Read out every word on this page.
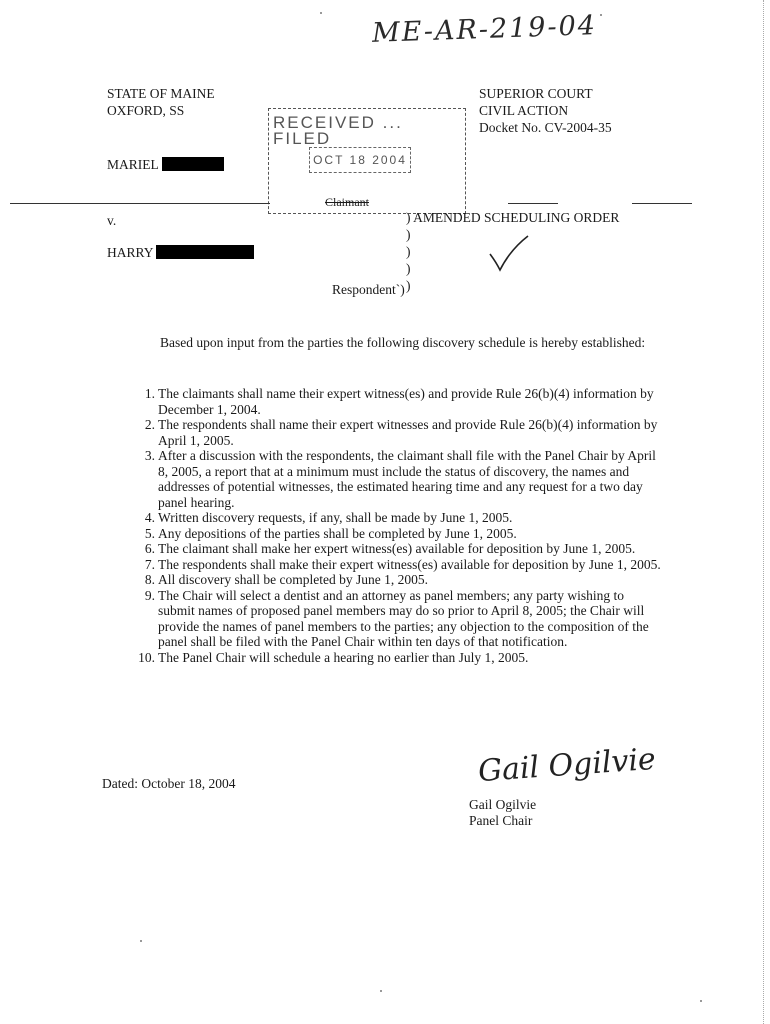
ME-AR-219-04
STATE OF MAINE
OXFORD, SS
SUPERIOR COURT
CIVIL ACTION
Docket No. CV-2004-35
RECEIVED ... FILED
OCT 18 2004
MARIEL
Claimant
v.	) AMENDED SCHEDULING ORDER
)
)
)
)
HARRY
Respondent`)
Based upon input from the parties the following discovery schedule is hereby established:
1. The claimants shall name their expert witness(es) and provide Rule 26(b)(4) information by December 1, 2004.
2. The respondents shall name their expert witnesses and provide Rule 26(b)(4) information by April 1, 2005.
3. After a discussion with the respondents, the claimant shall file with the Panel Chair by April 8, 2005, a report that at a minimum must include the status of discovery, the names and addresses of potential witnesses, the estimated hearing time and any request for a two day panel hearing.
4. Written discovery requests, if any, shall be made by June 1, 2005.
5. Any depositions of the parties shall be completed by June 1, 2005.
6. The claimant shall make her expert witness(es) available for deposition by June 1, 2005.
7. The respondents shall make their expert witness(es) available for deposition by June 1, 2005.
8. All discovery shall be completed by June 1, 2005.
9. The Chair will select a dentist and an attorney as panel members; any party wishing to submit names of proposed panel members may do so prior to April 8, 2005; the Chair will provide the names of panel members to the parties; any objection to the composition of the panel shall be filed with the Panel Chair within ten days of that notification.
10. The Panel Chair will schedule a hearing no earlier than July 1, 2005.
Dated: October 18, 2004	Gail Ogilvie
Gail Ogilvie
Panel Chair
